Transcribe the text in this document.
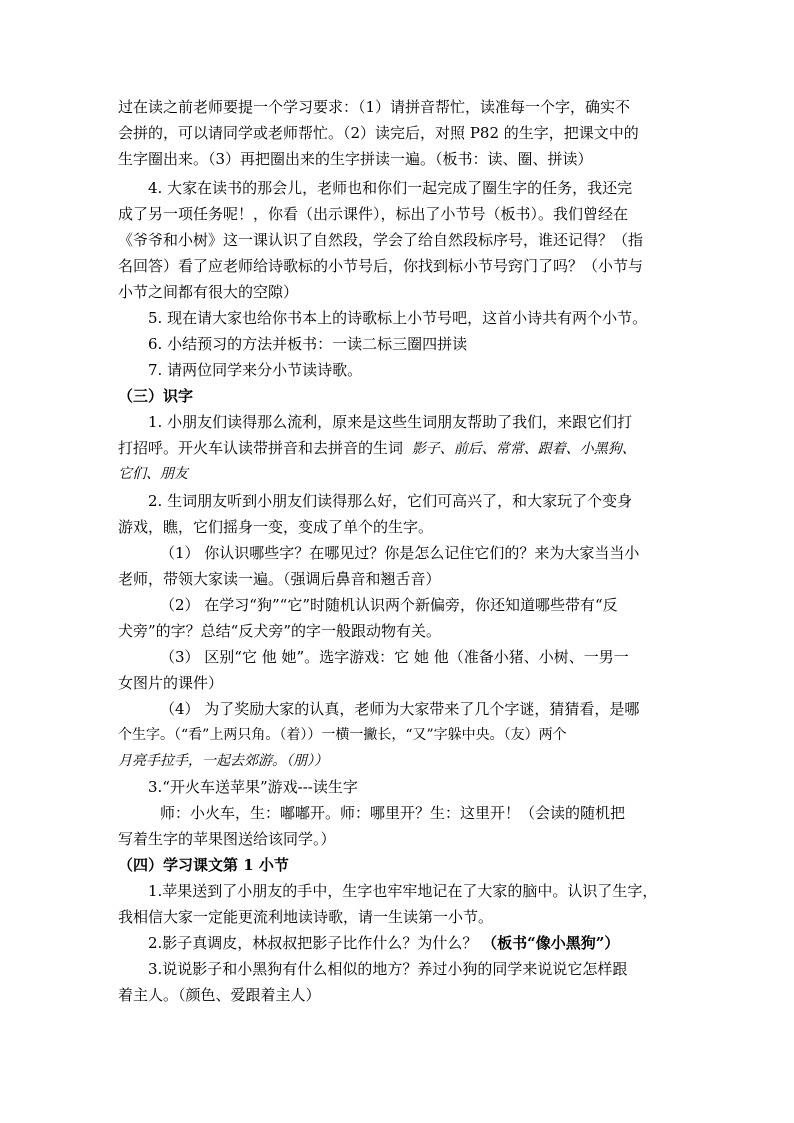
过在读之前老师要提一个学习要求：（1）请拼音帮忙，读准每一个字，确实不
会拼的，可以请同学或老师帮忙。（2）读完后，对照 P82 的生字，把课文中的
生字圈出来。（3）再把圈出来的生字拼读一遍。（板书：读、圈、拼读）
4. 大家在读书的那会儿，老师也和你们一起完成了圈生字的任务，我还完
成了另一项任务呢！，你看（出示课件），标出了小节号（板书）。我们曾经在
《爷爷和小树》这一课认识了自然段，学会了给自然段标序号，谁还记得？（指
名回答）看了应老师给诗歌标的小节号后，你找到标小节号窍门了吗？（小节与
小节之间都有很大的空隙）
5. 现在请大家也给你书本上的诗歌标上小节号吧，这首小诗共有两个小节。
6. 小结预习的方法并板书：一读二标三圈四拼读
7. 请两位同学来分小节读诗歌。
（三）识字
1. 小朋友们读得那么流利，原来是这些生词朋友帮助了我们，来跟它们打
打招呼。开火车认读带拼音和去拼音的生词 影子、前后、常常、跟着、小黑狗、
它们、朋友
2. 生词朋友听到小朋友们读得那么好，它们可高兴了，和大家玩了个变身
游戏，瞧，它们摇身一变，变成了单个的生字。
（1） 你认识哪些字？在哪见过？你是怎么记住它们的？来为大家当当小
老师，带领大家读一遍。（强调后鼻音和翘舌音）
（2） 在学习“狗”“它”时随机认识两个新偏旁，你还知道哪些带有“反
犬旁”的字？总结“反犬旁”的字一般跟动物有关。
（3） 区别“它 他 她”。选字游戏：它 她 他（准备小猪、小树、一男一
女图片的课件）
（4） 为了奖励大家的认真，老师为大家带来了几个字谜，猜猜看，是哪
个生字。（“看”上两只角。（着））一横一撇长，“又”字躲中央。（友）两个
月亮手拉手，一起去郊游。（朋））
3.“开火车送苹果”游戏---读生字
师：小火车，生：嘟嘟开。师：哪里开？生：这里开！（会读的随机把
写着生字的苹果图送给该同学。）
（四）学习课文第 1 小节
1.苹果送到了小朋友的手中，生字也牢牢地记在了大家的脑中。认识了生字，
我相信大家一定能更流利地读诗歌，请一生读第一小节。
2.影子真调皮，林叔叔把影子比作什么？为什么？ （板书“像小黑狗”）
3.说说影子和小黑狗有什么相似的地方？养过小狗的同学来说说它怎样跟
着主人。（颜色、爱跟着主人）
